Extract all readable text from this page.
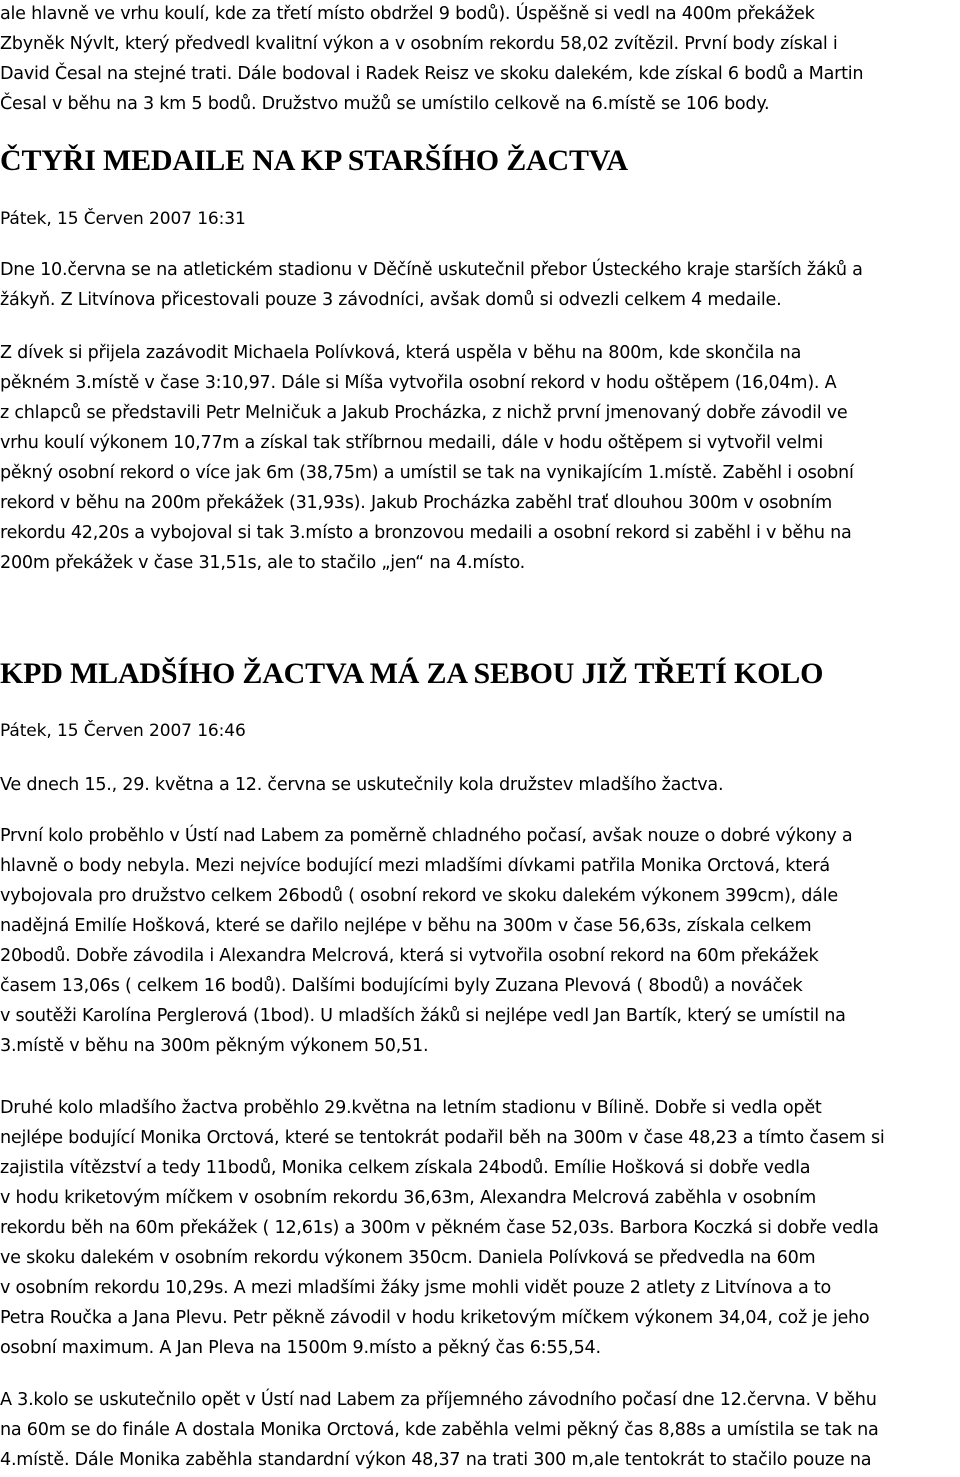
ale hlavně ve vrhu koulí, kde za třetí místo obdržel 9 bodů). Úspěšně si vedl na 400m překážek
Zbyněk Nývlt, který předvedl kvalitní výkon a v osobním rekordu 58,02 zvítězil. První body získal i
David Česal na stejné trati. Dále bodoval i Radek Reisz ve skoku dalekém, kde získal 6 bodů a Martin
Česal v běhu na 3 km 5 bodů. Družstvo mužů se umístilo celkově na 6.místě se 106 body.

ČTYŘI MEDAILE NA KP STARŠÍHO ŽACTVA
Pátek, 15 Červen 2007 16:31

Dne 10.června se na atletickém stadionu v Děčíně uskutečnil přebor Ústeckého kraje starších žáků a
žákyň. Z Litvínova přicestovali pouze 3 závodníci, avšak domů si odvezli celkem 4 medaile.

Z dívek si přijela zazávodit Michaela Polívková, která uspěla v běhu na 800m, kde skončila na
pěkném 3.místě v čase 3:10,97. Dále si Míša vytvořila osobní rekord v hodu oštěpem (16,04m). A
z chlapců se představili Petr Melničuk a Jakub Procházka, z nichž první jmenovaný dobře závodil ve
vrhu koulí výkonem 10,77m a získal tak stříbrnou medaili, dále v hodu oštěpem si vytvořil velmi
pěkný osobní rekord o více jak 6m (38,75m) a umístil se tak na vynikajícím 1.místě. Zaběhl i osobní
rekord v běhu na 200m překážek (31,93s). Jakub Procházka zaběhl trať dlouhou 300m v osobním
rekordu 42,20s a vybojoval si tak 3.místo a bronzovou medaili a osobní rekord si zaběhl i v běhu na
200m překážek v čase 31,51s, ale to stačilo „jen“ na 4.místo.

KPD MLADŠÍHO ŽACTVA MÁ ZA SEBOU JIŽ TŘETÍ KOLO
Pátek, 15 Červen 2007 16:46

Ve dnech 15., 29. května a 12. června se uskutečnily kola družstev mladšího žactva.

První kolo proběhlo v Ústí nad Labem za poměrně chladného počasí, avšak nouze o dobré výkony a
hlavně o body nebyla. Mezi nejvíce bodující mezi mladšími dívkami patřila Monika Orctová, která
vybojovala pro družstvo celkem 26bodů ( osobní rekord ve skoku dalekém výkonem 399cm), dále
nadějná Emilíe Hošková, které se dařilo nejlépe v běhu na 300m v čase 56,63s, získala celkem
20bodů. Dobře závodila i Alexandra Melcrová, která si vytvořila osobní rekord na 60m překážek
časem 13,06s ( celkem 16 bodů). Dalšími bodujícími byly Zuzana Plevová ( 8bodů) a nováček
v soutěži Karolína Perglerová (1bod). U mladších žáků si nejlépe vedl Jan Bartík, který se umístil na
3.místě v běhu na 300m pěkným výkonem 50,51.

Druhé kolo mladšího žactva proběhlo 29.května na letním stadionu v Bílině. Dobře si vedla opět
nejlépe bodující Monika Orctová, které se tentokrát podařil běh na 300m v čase 48,23 a tímto časem si
zajistila vítězství a tedy 11bodů, Monika celkem získala 24bodů. Emílie Hošková si dobře vedla
v hodu kriketovým míčkem v osobním rekordu 36,63m, Alexandra Melcrová zaběhla v osobním
rekordu běh na 60m překážek ( 12,61s) a 300m v pěkném čase 52,03s. Barbora Koczká si dobře vedla
ve skoku dalekém v osobním rekordu výkonem 350cm. Daniela Polívková se předvedla na 60m
v osobním rekordu 10,29s. A mezi mladšími žáky jsme mohli vidět pouze 2 atlety z Litvínova a to
Petra Roučka a Jana Plevu. Petr pěkně závodil v hodu kriketovým míčkem výkonem 34,04, což je jeho
osobní maximum. A Jan Pleva na 1500m 9.místo a pěkný čas 6:55,54.

A 3.kolo se uskutečnilo opět v Ústí nad Labem za příjemného závodního počasí dne 12.června. V běhu
na 60m se do finále A dostala Monika Orctová, kde zaběhla velmi pěkný čas 8,88s a umístila se tak na
4.místě. Dále Monika zaběhla standardní výkon 48,37 na trati 300 m,ale tentokrát to stačilo pouze na
